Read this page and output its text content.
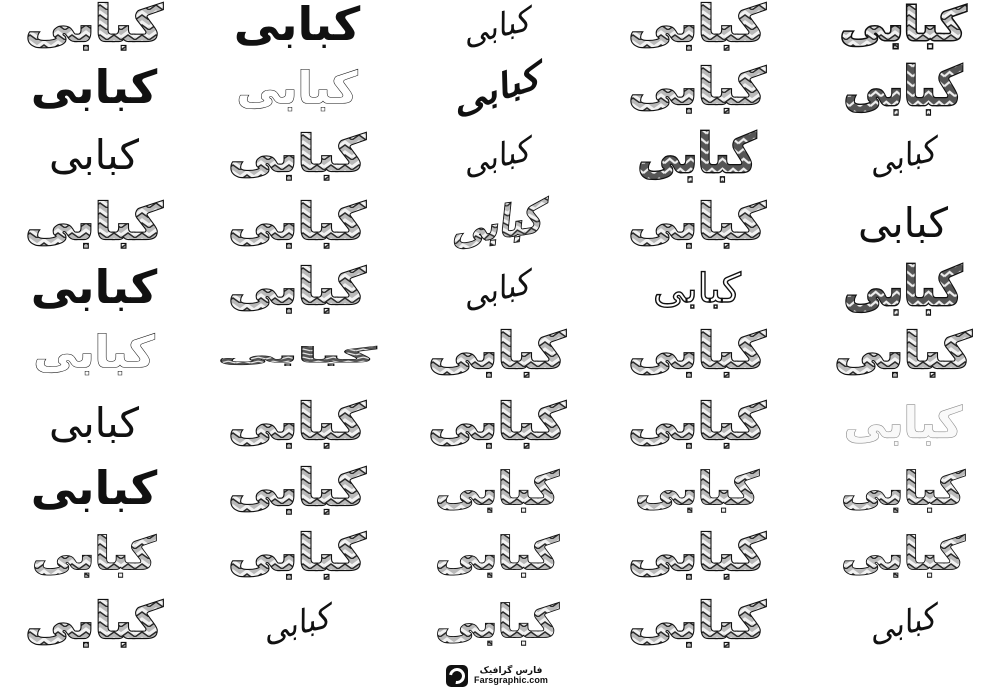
کبابی کبابی	کبابی کبابی کبابی
کبابی کبابی	کبابی کبابی کبابی
کبابی کبابی	کبابی کبابی	کبابی
کبابی کبابی کبابی کبابی کبابی
کبابی کبابی	کبابی	کبابی کبابی
کبابی کبابی کبابی کبابی کبابی
کبابی کبابی کبابی کبابی کبابی
کبابی کبابی کبابی کبابی کبابی
کبابی کبابی کبابی کبابی کبابی
کبابی	کبابی کبابی کبابی	کبابی
فارس گرافیک
Farsgraphic.com
